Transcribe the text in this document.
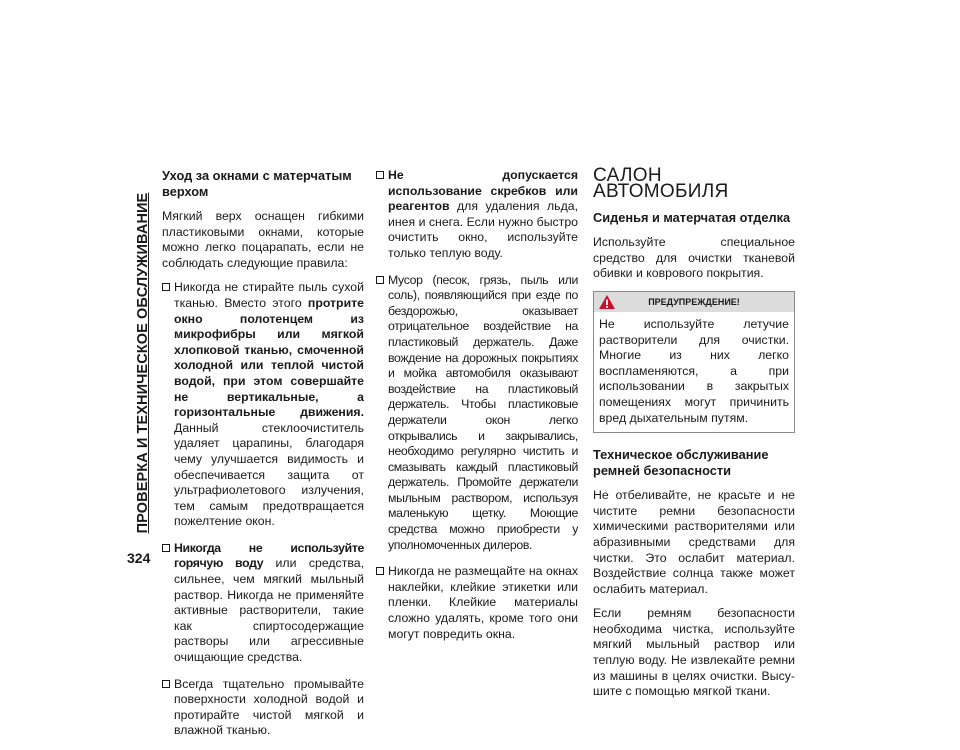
ПРОВЕРКА И ТЕХНИЧЕСКОЕ ОБСЛУЖИВАНИЕ
324
Уход за окнами с матерчатым верхом

Мягкий верх оснащен гибкими пластиковыми окнами, которые можно легко поцарапать, если не соблюдать следующие правила:

Никогда не стирайте пыль сухой тканью. Вместо этого протрите окно полотенцем из микрофибры или мягкой хлопковой тканью, смоченной холодной или теплой чистой водой, при этом совершайте не вертикальные, а горизонтальные движения. Данный стеклоочиститель удаляет царапины, благодаря чему улучшается видимость и обеспечивается защита от ультрафиолетового излучения, тем самым предотвращается пожелтение окон.
Никогда не используйте горячую воду или средства, сильнее, чем мягкий мыльный раствор. Никогда не применяйте активные растворители, такие как спиртосодержащие растворы или агрессивные очищающие средства.
Всегда тщательно промывайте поверхности холодной водой и протирайте чистой мягкой и влажной тканью.
Не допускается использование скребков или реагентов для удаления льда, инея и снега. Если нужно быстро очистить окно, используйте только теплую воду.
Мусор (песок, грязь, пыль или соль), появляющийся при езде по бездорожью, оказывает отрицательное воздействие на пластиковый держатель. Даже вождение на дорожных покрытиях и мойка автомобиля оказывают воздействие на пластиковый держатель. Чтобы пластиковые держатели окон легко открывались и закрывались, необходимо регулярно чистить и смазывать каждый пластиковый держатель. Промойте держатели мыльным раствором, используя маленькую щетку. Моющие средства можно приобрести у уполномоченных дилеров.
Никогда не размещайте на окнах наклейки, клейкие этикетки или пленки. Клейкие материалы сложно удалять, кроме того они могут повредить окна.
САЛОН АВТОМОБИЛЯ
Сиденья и матерчатая отделка

Используйте специальное средство для очистки тканевой обивки и коврового покрытия.

ПРЕДУПРЕЖДЕНИЕ!
Не используйте летучие растворители для очистки. Многие из них легко воспламеняются, а при использовании в закрытых помещениях могут причинить вред дыхательным путям.
Техническое обслуживание ремней безопасности

Не отбеливайте, не красьте и не чистите ремни безопасности химическими растворителями или абразивными средствами для чистки. Это ослабит материал. Воздействие солнца также может ослабить материал.

Если ремням безопасности необходима чистка, используйте мягкий мыльный раствор или теплую воду. Не извлекайте ремни из машины в целях очистки. Высушите с помощью мягкой ткани.
